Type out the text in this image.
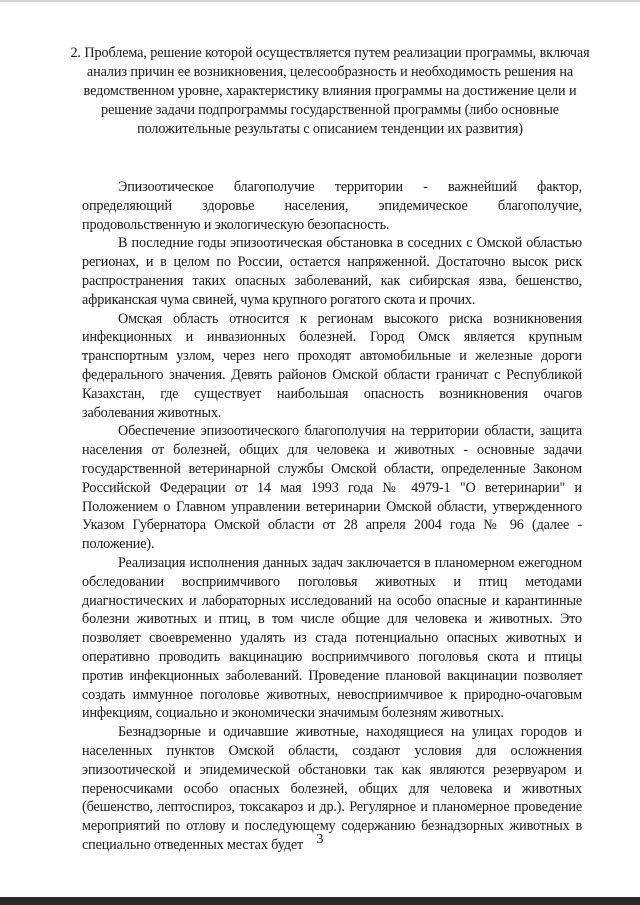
2. Проблема, решение которой осуществляется путем реализации программы, включая анализ причин ее возникновения, целесообразность и необходимость решения на ведомственном уровне, характеристику влияния программы на достижение цели и решение задачи подпрограммы государственной программы (либо основные положительные результаты с описанием тенденции их развития)

Эпизоотическое благополучие территории - важнейший фактор, определяющий здоровье населения, эпидемическое благополучие, продовольственную и экологическую безопасность.

В последние годы эпизоотическая обстановка в соседних с Омской областью регионах, и в целом по России, остается напряженной. Достаточно высок риск распространения таких опасных заболеваний, как сибирская язва, бешенство, африканская чума свиней, чума крупного рогатого скота и прочих.

Омская область относится к регионам высокого риска возникновения инфекционных и инвазионных болезней. Город Омск является крупным транспортным узлом, через него проходят автомобильные и железные дороги федерального значения. Девять районов Омской области граничат с Республикой Казахстан, где существует наибольшая опасность возникновения очагов заболевания животных.

Обеспечение эпизоотического благополучия на территории области, защита населения от болезней, общих для человека и животных - основные задачи государственной ветеринарной службы Омской области, определенные Законом Российской Федерации от 14 мая 1993 года № 4979-1 "О ветеринарии" и Положением о Главном управлении ветеринарии Омской области, утвержденного Указом Губернатора Омской области от 28 апреля 2004 года № 96 (далее - положение).

Реализация исполнения данных задач заключается в планомерном ежегодном обследовании восприимчивого поголовья животных и птиц методами диагностических и лабораторных исследований на особо опасные и карантинные болезни животных и птиц, в том числе общие для человека и животных. Это позволяет своевременно удалять из стада потенциально опасных животных и оперативно проводить вакцинацию восприимчивого поголовья скота и птицы против инфекционных заболеваний. Проведение плановой вакцинации позволяет создать иммунное поголовье животных, невосприимчивое к природно-очаговым инфекциям, социально и экономически значимым болезням животных.

Безнадзорные и одичавшие животные, находящиеся на улицах городов и населенных пунктов Омской области, создают условия для осложнения эпизоотической и эпидемической обстановки так как являются резервуаром и переносчиками особо опасных болезней, общих для человека и животных (бешенство, лептоспироз, токсакароз и др.). Регулярное и планомерное проведение мероприятий по отлову и последующему содержанию безнадзорных животных в специально отведенных местах будет 3
